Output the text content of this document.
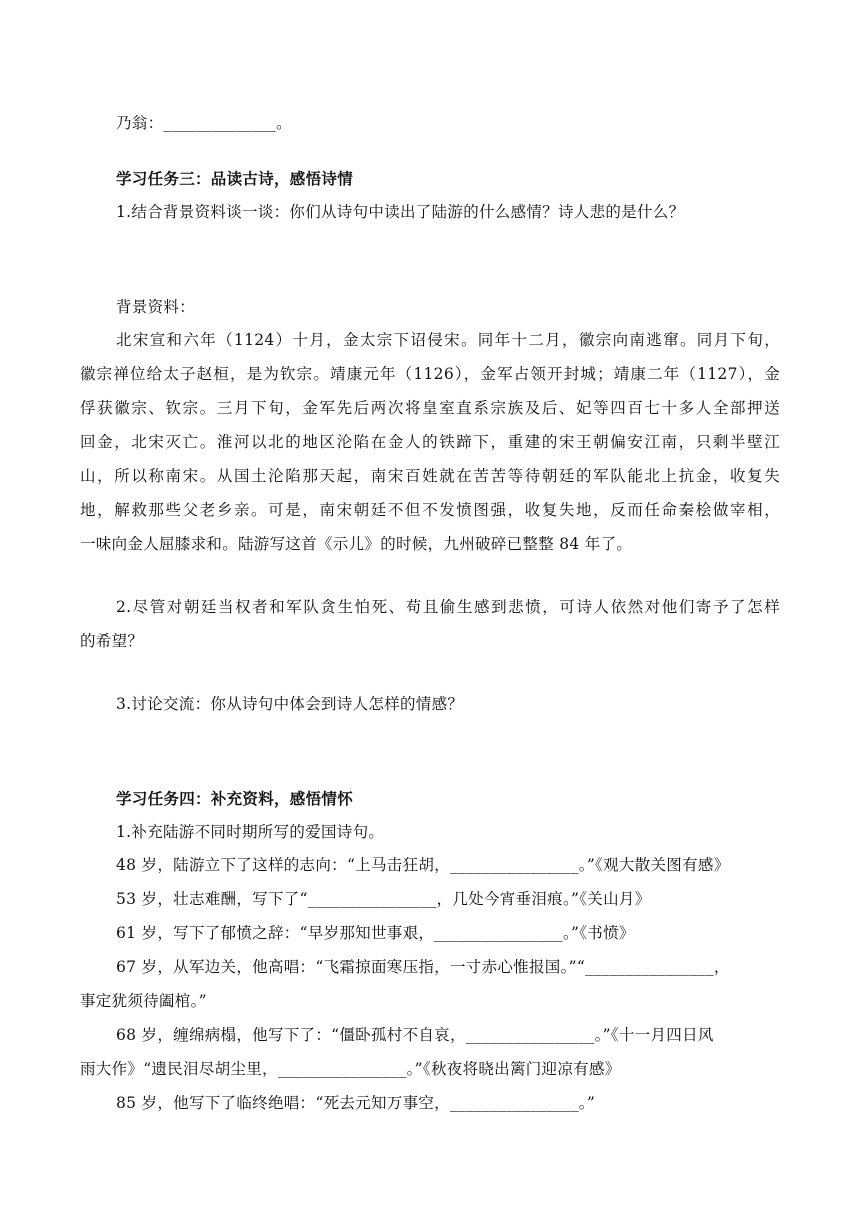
乃翁：______________。
学习任务三：品读古诗，感悟诗情
1.结合背景资料谈一谈：你们从诗句中读出了陆游的什么感情？诗人悲的是什么？
背景资料：
北宋宣和六年（1124）十月，金太宗下诏侵宋。同年十二月，徽宗向南逃窜。同月下旬，
徽宗禅位给太子赵桓，是为钦宗。靖康元年（1126），金军占领开封城；靖康二年（1127），金
俘获徽宗、钦宗。三月下旬，金军先后两次将皇室直系宗族及后、妃等四百七十多人全部押送
回金，北宋灭亡。淮河以北的地区沦陷在金人的铁蹄下，重建的宋王朝偏安江南，只剩半壁江
山，所以称南宋。从国土沦陷那天起，南宋百姓就在苦苦等待朝廷的军队能北上抗金，收复失
地，解救那些父老乡亲。可是，南宋朝廷不但不发愤图强，收复失地，反而任命秦桧做宰相，
一味向金人屈膝求和。陆游写这首《示儿》的时候，九州破碎已整整 84 年了。
2.尽管对朝廷当权者和军队贪生怕死、苟且偷生感到悲愤，可诗人依然对他们寄予了怎样
的希望？
3.讨论交流：你从诗句中体会到诗人怎样的情感？
学习任务四：补充资料，感悟情怀
1.补充陆游不同时期所写的爱国诗句。
48 岁，陆游立下了这样的志向：“上马击狂胡，________________。”《观大散关图有感》
53 岁，壮志难酬，写下了“________________，几处今宵垂泪痕。”《关山月》
61 岁，写下了郁愤之辞：“早岁那知世事艰，________________。”《书愤》
67 岁，从军边关，他高唱：“飞霜掠面寒压指，一寸赤心惟报国。”“________________，
事定犹须待阖棺。”
68 岁，缠绵病榻，他写下了：“僵卧孤村不自哀，________________。”《十一月四日风
雨大作》“遗民泪尽胡尘里，________________。”《秋夜将晓出篱门迎凉有感》
85 岁，他写下了临终绝唱：“死去元知万事空，________________。”
